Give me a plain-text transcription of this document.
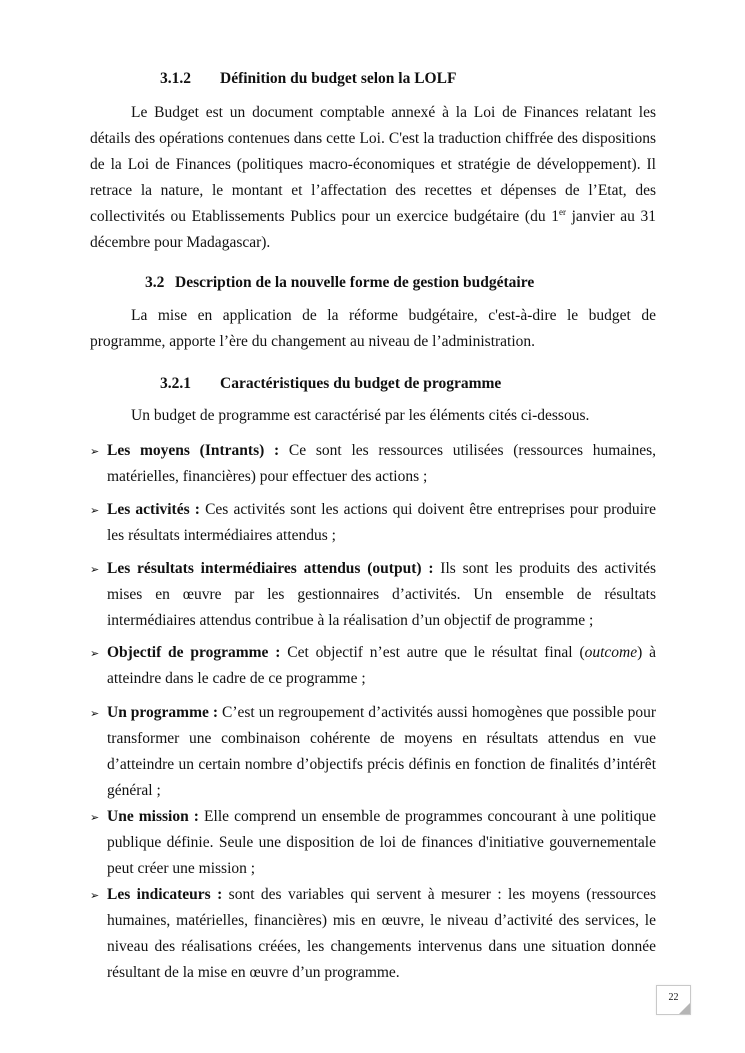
3.1.2 Définition du budget selon la LOLF

Le Budget est un document comptable annexé à la Loi de Finances relatant les détails des opérations contenues dans cette Loi. C'est la traduction chiffrée des dispositions de la Loi de Finances (politiques macro-économiques et stratégie de développement). Il retrace la nature, le montant et l’affectation des recettes et dépenses de l’Etat, des collectivités ou Etablissements Publics pour un exercice budgétaire (du 1er janvier au 31 décembre pour Madagascar).

3.2 Description de la nouvelle forme de gestion budgétaire

La mise en application de la réforme budgétaire, c'est-à-dire le budget de programme, apporte l’ère du changement au niveau de l’administration.

3.2.1 Caractéristiques du budget de programme

Un budget de programme est caractérisé par les éléments cités ci-dessous.

➢ Les moyens (Intrants) : Ce sont les ressources utilisées (ressources humaines, matérielles, financières) pour effectuer des actions ;
➢ Les activités : Ces activités sont les actions qui doivent être entreprises pour produire les résultats intermédiaires attendus ;
➢ Les résultats intermédiaires attendus (output) : Ils sont les produits des activités mises en œuvre par les gestionnaires d’activités. Un ensemble de résultats intermédiaires attendus contribue à la réalisation d’un objectif de programme ;
➢ Objectif de programme : Cet objectif n’est autre que le résultat final (outcome) à atteindre dans le cadre de ce programme ;
➢ Un programme : C’est un regroupement d’activités aussi homogènes que possible pour transformer une combinaison cohérente de moyens en résultats attendus en vue d’atteindre un certain nombre d’objectifs précis définis en fonction de finalités d’intérêt général ;
➢ Une mission : Elle comprend un ensemble de programmes concourant à une politique publique définie. Seule une disposition de loi de finances d'initiative gouvernementale peut créer une mission ;
➢ Les indicateurs : sont des variables qui servent à mesurer : les moyens (ressources humaines, matérielles, financières) mis en œuvre, le niveau d’activité des services, le niveau des réalisations créées, les changements intervenus dans une situation donnée résultant de la mise en œuvre d’un programme.
22
